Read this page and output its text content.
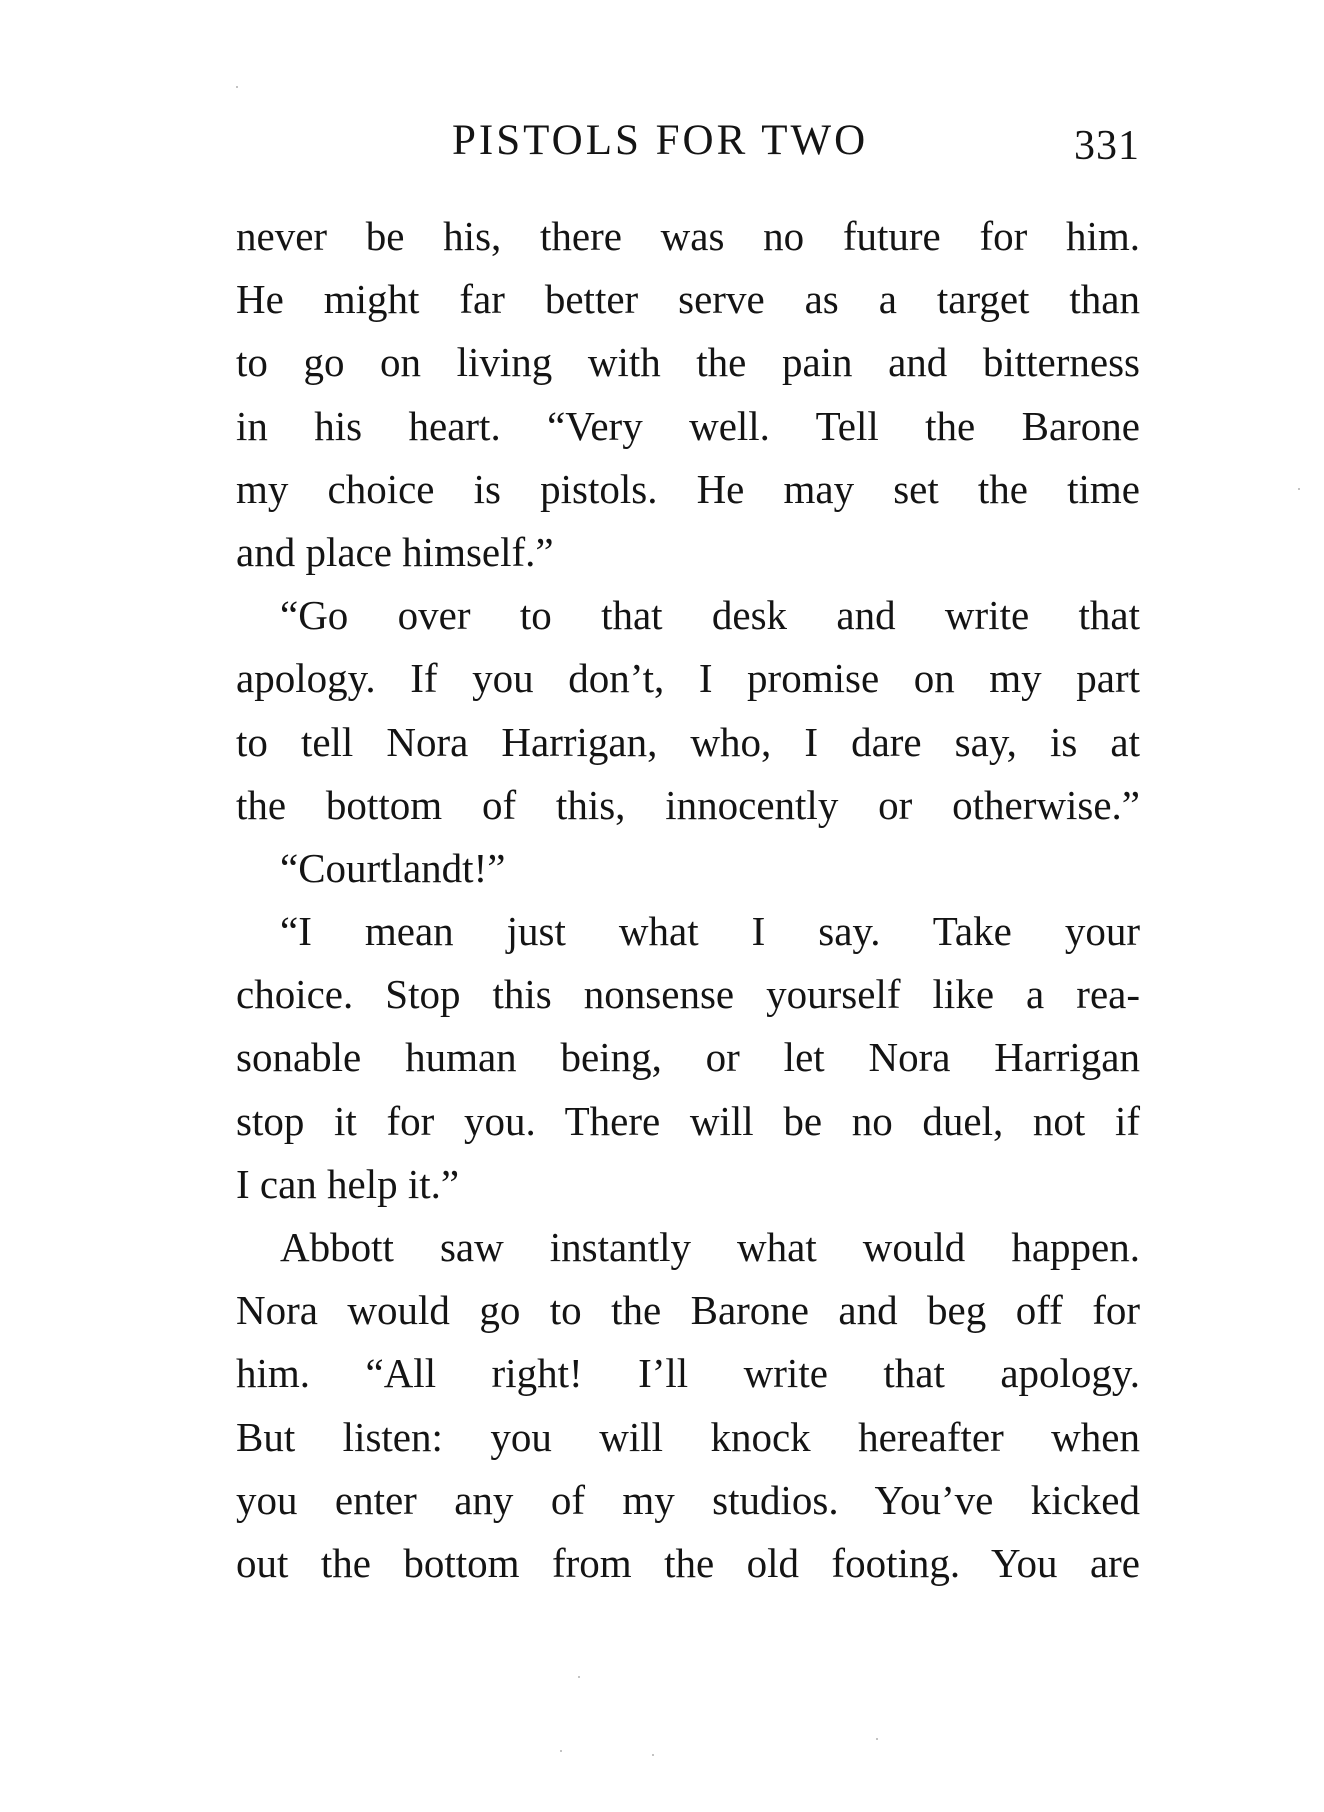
PISTOLS FOR TWO	331
never be his, there was no future for him.
He might far better serve as a target than
to go on living with the pain and bitterness
in his heart. “Very well. Tell the Barone
my choice is pistols. He may set the time
and place himself.”
“Go over to that desk and write that
apology. If you don’t, I promise on my part
to tell Nora Harrigan, who, I dare say, is at
the bottom of this, innocently or otherwise.”
“Courtlandt!”
“I mean just what I say. Take your
choice. Stop this nonsense yourself like a rea-
sonable human being, or let Nora Harrigan
stop it for you. There will be no duel, not if
I can help it.”
Abbott saw instantly what would happen.
Nora would go to the Barone and beg off for
him. “All right! I’ll write that apology.
But listen: you will knock hereafter when
you enter any of my studios. You’ve kicked
out the bottom from the old footing. You are
